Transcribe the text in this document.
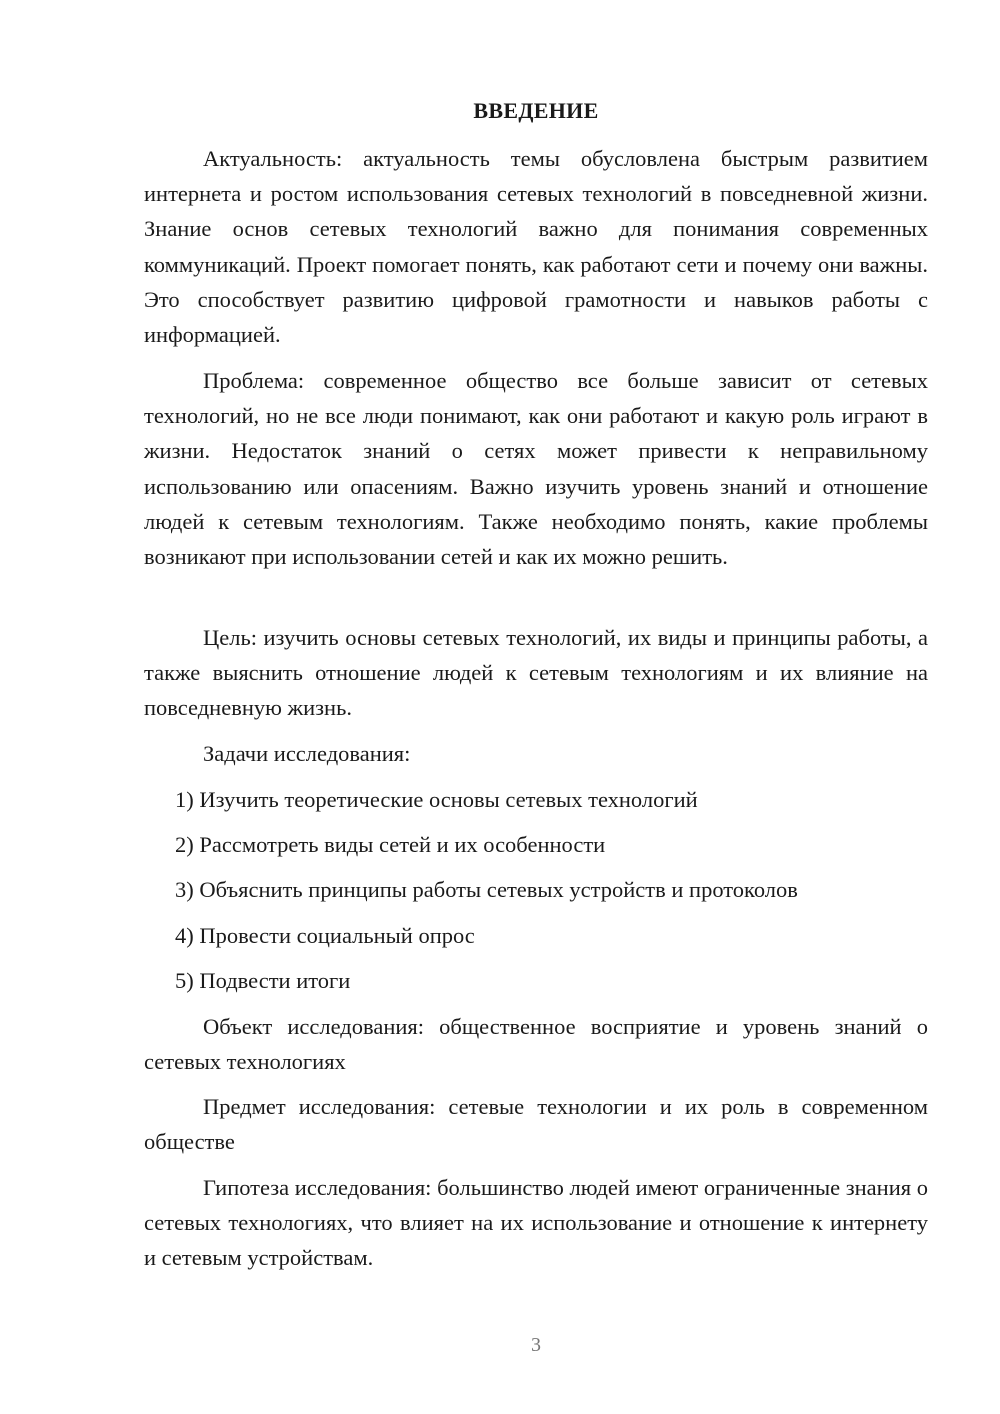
ВВЕДЕНИЕ

Актуальность: актуальность темы обусловлена быстрым развитием интернета и ростом использования сетевых технологий в повседневной жизни. Знание основ сетевых технологий важно для понимания современных коммуникаций. Проект помогает понять, как работают сети и почему они важны. Это способствует развитию цифровой грамотности и навыков работы с информацией.

Проблема: современное общество все больше зависит от сетевых технологий, но не все люди понимают, как они работают и какую роль играют в жизни. Недостаток знаний о сетях может привести к неправильному использованию или опасениям. Важно изучить уровень знаний и отношение людей к сетевым технологиям. Также необходимо понять, какие проблемы возникают при использовании сетей и как их можно решить.

Цель: изучить основы сетевых технологий, их виды и принципы работы, а также выяснить отношение людей к сетевым технологиям и их влияние на повседневную жизнь.

Задачи исследования:

1) Изучить теоретические основы сетевых технологий

2) Рассмотреть виды сетей и их особенности

3) Объяснить принципы работы сетевых устройств и протоколов

4) Провести социальный опрос

5) Подвести итоги

Объект исследования: общественное восприятие и уровень знаний о сетевых технологиях

Предмет исследования: сетевые технологии и их роль в современном обществе

Гипотеза исследования: большинство людей имеют ограниченные знания о сетевых технологиях, что влияет на их использование и отношение к интернету и сетевым устройствам.

3
